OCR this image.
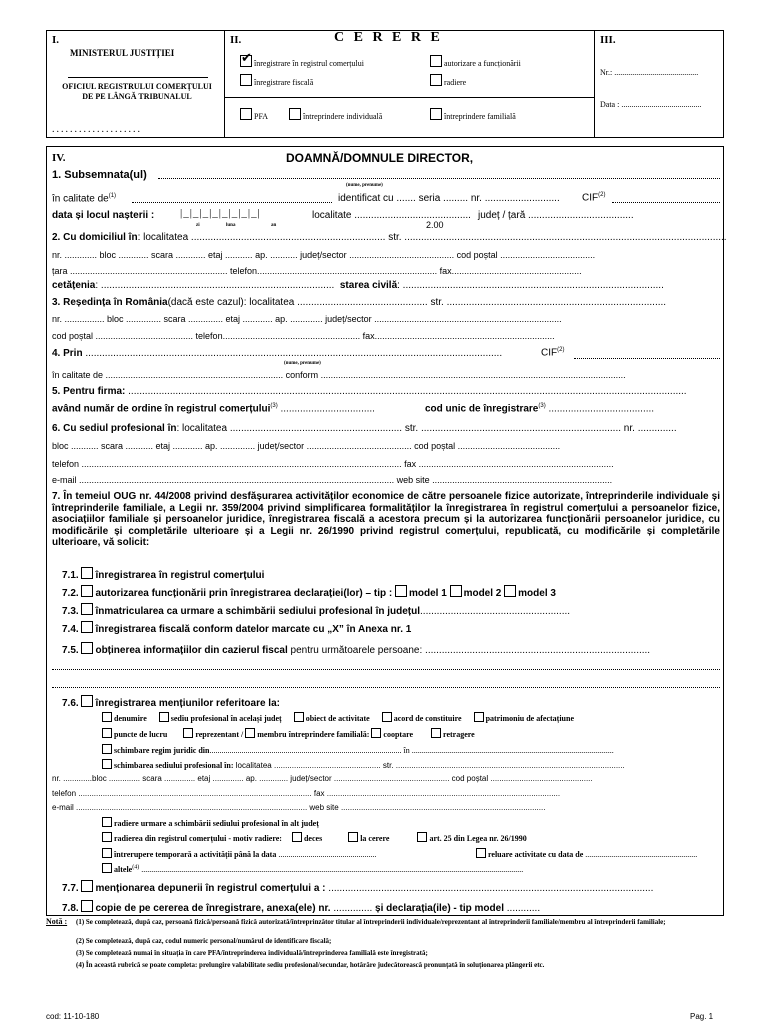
I.
MINISTERUL JUSTIȚIEI
OFICIUL REGISTRULUI COMERȚULUI DE PE LÂNGĂ TRIBUNALUL
....................
II.	C E R E R E
✔înregistrare în registrul comerțului	autorizare a funcționării
înregistrare fiscală	radiere
PFA	întreprindere individuală	întreprindere familială
III.
Nr.: ..........................................
Data : ........................................
IV.	DOAMNĂ/DOMNULE DIRECTOR,
1. Subsemnata(ul)
(nume, prenume)
în calitate $de^{(1)}$	identificat cu ....... seria ......... nr. ........................... CIF$^{(2)}$
data și locul nașterii : |_|_|_|_|_|_|_|_|
zi	luna	an
localitate .......................................... județ / țară ......................................
2.00
2. Cu domiciliul în: localitatea ...................................................................... str. ....................................................................................................................
nr. ............. bloc ............ scara ............ etaj ........... ap. ........... județ/sector .......................................... cod poștal ......................................
țara ............................................................... telefon........................................................................ fax....................................................
cetățenia: .................................................................................... starea civilă: ..............................................................................................
3. Reședința în România(dacă este cazul): localitatea ............................................... str. ...............................................................................
nr. ................ bloc .............. scara .............. etaj ............ ap. ............. județ/sector ...........................................................................
cod poștal ....................................... telefon....................................................... fax........................................................................
4. Prin ......................................................................................................................................................	CIF$^{(2)}$
(nume, prenume)
în calitate de ....................................................................... conform ..........................................................................................................................
5. Pentru firma: .........................................................................................................................................................................................................
având număr de ordine în registrul comerțului$^{(3)}$ ..................................	cod unic de înregistrare$^{(3)}$ ......................................
6. Cu sediul profesional în: localitatea .............................................................. str. ........................................................................ nr. ..............
bloc ........... scara ........... etaj ............ ap. .............. județ/sector .......................................... cod poștal .........................................
telefon ................................................................................................................................ fax ..............................................................................
e-mail .............................................................................................................................. web site ........................................................................
7. În temeiul OUG nr. 44/2008 privind desfășurarea activităților economice de către persoanele fizice autorizate, întreprinderile individuale și întreprinderile familiale, a Legii nr. 359/2004 privind simplificarea formalităților la înregistrarea în registrul comerțului a persoanelor fizice, asociațiilor familiale și persoanelor juridice, înregistrarea fiscală a acestora precum și la autorizarea funcționării persoanelor juridice, cu modificările și completările ulterioare și a Legii nr. 26/1990 privind registrul comerțului, republicată, cu modificările și completările ulterioare, vă solicit:
7.1. înregistrarea în registrul comerțului
7.2. autorizarea funcționării prin înregistrarea declarației(lor) – tip : model 1 model 2 model 3
7.3. înmatricularea ca urmare a schimbării sediului profesional în județul......................................................
7.4. înregistrarea fiscală conform datelor marcate cu „X” în Anexa nr. 1
7.5. obținerea informațiilor din cazierul fiscal pentru următoarele persoane: .................................................................................
7.6. înregistrarea mențiunilor referitoare la:
denumire	sediu profesional în același județ	obiect de activitate	acord de constituire	patrimoniu de afectațiune
puncte de lucru	reprezentant / membru întreprindere familială: cooptare	retragere
schimbare regim juridic din................................................................................................ în .....................................................................................................
schimbarea sediului profesional în: localitatea ................................................ str. .......................................................................................................
nr. .............bloc .............. scara .............. etaj .............. ap. ............. județ/sector .................................................... cod poștal ..............................................
telefon ......................................................................................................... fax .........................................................................................................
e-mail ........................................................................................................ web site ............................................................................................
radiere urmare a schimbării sediului profesional în alt județ
radierea din registrul comerțului - motiv radiere:	deces	la cerere	art. 25 din Legea nr. 26/1990
întrerupere temporară a activității până la data .................................................	reluare activitate cu data de ........................................................
altele$^{(4)}$ ...............................................................................................................................................................................................
7.7. menționarea depunerii în registrul comerțului a : .....................................................................................................................
7.8. copie de pe cererea de înregistrare, anexa(ele) nr. .............. și declarația(ile) - tip model ............
Notă : (1) Se completează, după caz, persoană fizică/persoană fizică autorizată/întreprinzător titular al întreprinderii individuale/reprezentant al întreprinderii familiale/membru al întreprinderii familiale;
(2) Se completează, după caz, codul numeric personal/numărul de identificare fiscală;
(3) Se completează numai în situația în care PFA/întreprinderea individuală/întreprinderea familială este înregistrată;
(4) În această rubrică se poate completa: prelungire valabilitate sediu profesional/secundar, hotărâre judecătorească pronunțată în soluționarea plângerii etc.
cod: 11-10-180	Pag. 1
